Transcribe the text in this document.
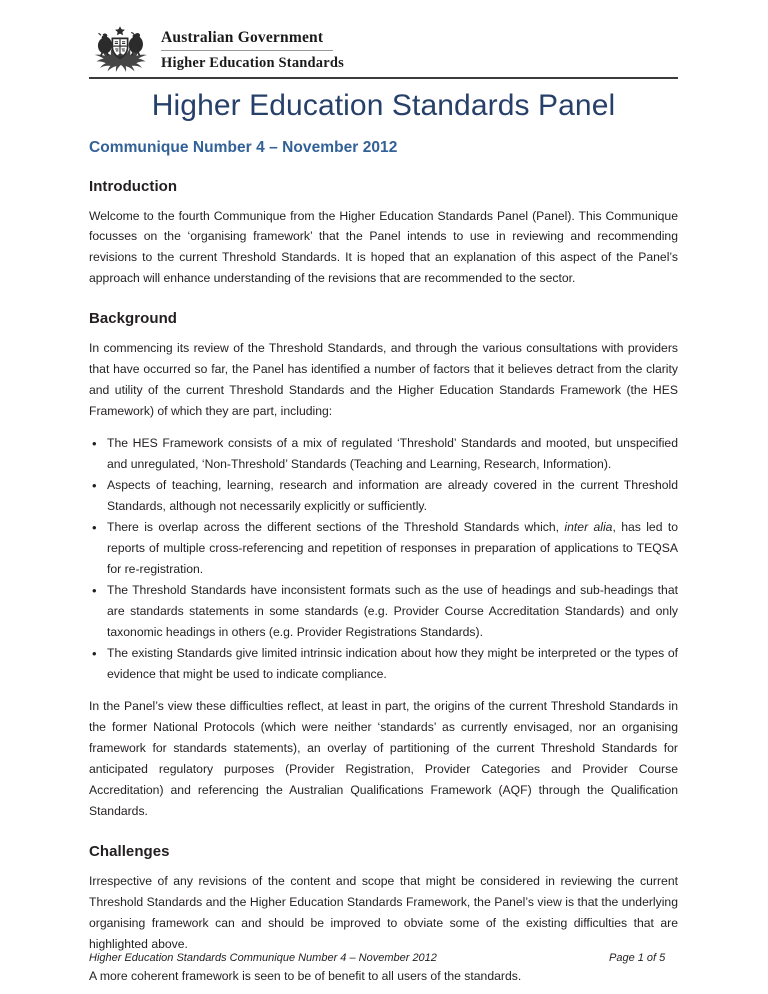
Australian Government
Higher Education Standards
Higher Education Standards Panel
Communique Number 4 – November 2012
Introduction

Welcome to the fourth Communique from the Higher Education Standards Panel (Panel). This Communique focusses on the ‘organising framework’ that the Panel intends to use in reviewing and recommending revisions to the current Threshold Standards. It is hoped that an explanation of this aspect of the Panel’s approach will enhance understanding of the revisions that are recommended to the sector.

Background

In commencing its review of the Threshold Standards, and through the various consultations with providers that have occurred so far, the Panel has identified a number of factors that it believes detract from the clarity and utility of the current Threshold Standards and the Higher Education Standards Framework (the HES Framework) of which they are part, including:

• The HES Framework consists of a mix of regulated ‘Threshold’ Standards and mooted, but unspecified and unregulated, ‘Non-Threshold’ Standards (Teaching and Learning, Research, Information).
• Aspects of teaching, learning, research and information are already covered in the current Threshold Standards, although not necessarily explicitly or sufficiently.
• There is overlap across the different sections of the Threshold Standards which, inter alia, has led to reports of multiple cross-referencing and repetition of responses in preparation of applications to TEQSA for re-registration.
• The Threshold Standards have inconsistent formats such as the use of headings and sub-headings that are standards statements in some standards (e.g. Provider Course Accreditation Standards) and only taxonomic headings in others (e.g. Provider Registrations Standards).
• The existing Standards give limited intrinsic indication about how they might be interpreted or the types of evidence that might be used to indicate compliance.

In the Panel’s view these difficulties reflect, at least in part, the origins of the current Threshold Standards in the former National Protocols (which were neither ‘standards’ as currently envisaged, nor an organising framework for standards statements), an overlay of partitioning of the current Threshold Standards for anticipated regulatory purposes (Provider Registration, Provider Categories and Provider Course Accreditation) and referencing the Australian Qualifications Framework (AQF) through the Qualification Standards.

Challenges

Irrespective of any revisions of the content and scope that might be considered in reviewing the current Threshold Standards and the Higher Education Standards Framework, the Panel’s view is that the underlying organising framework can and should be improved to obviate some of the existing difficulties that are highlighted above.

A more coherent framework is seen to be of benefit to all users of the standards.

Higher Education Standards Communique Number 4 – November 2012	Page 1 of 5
